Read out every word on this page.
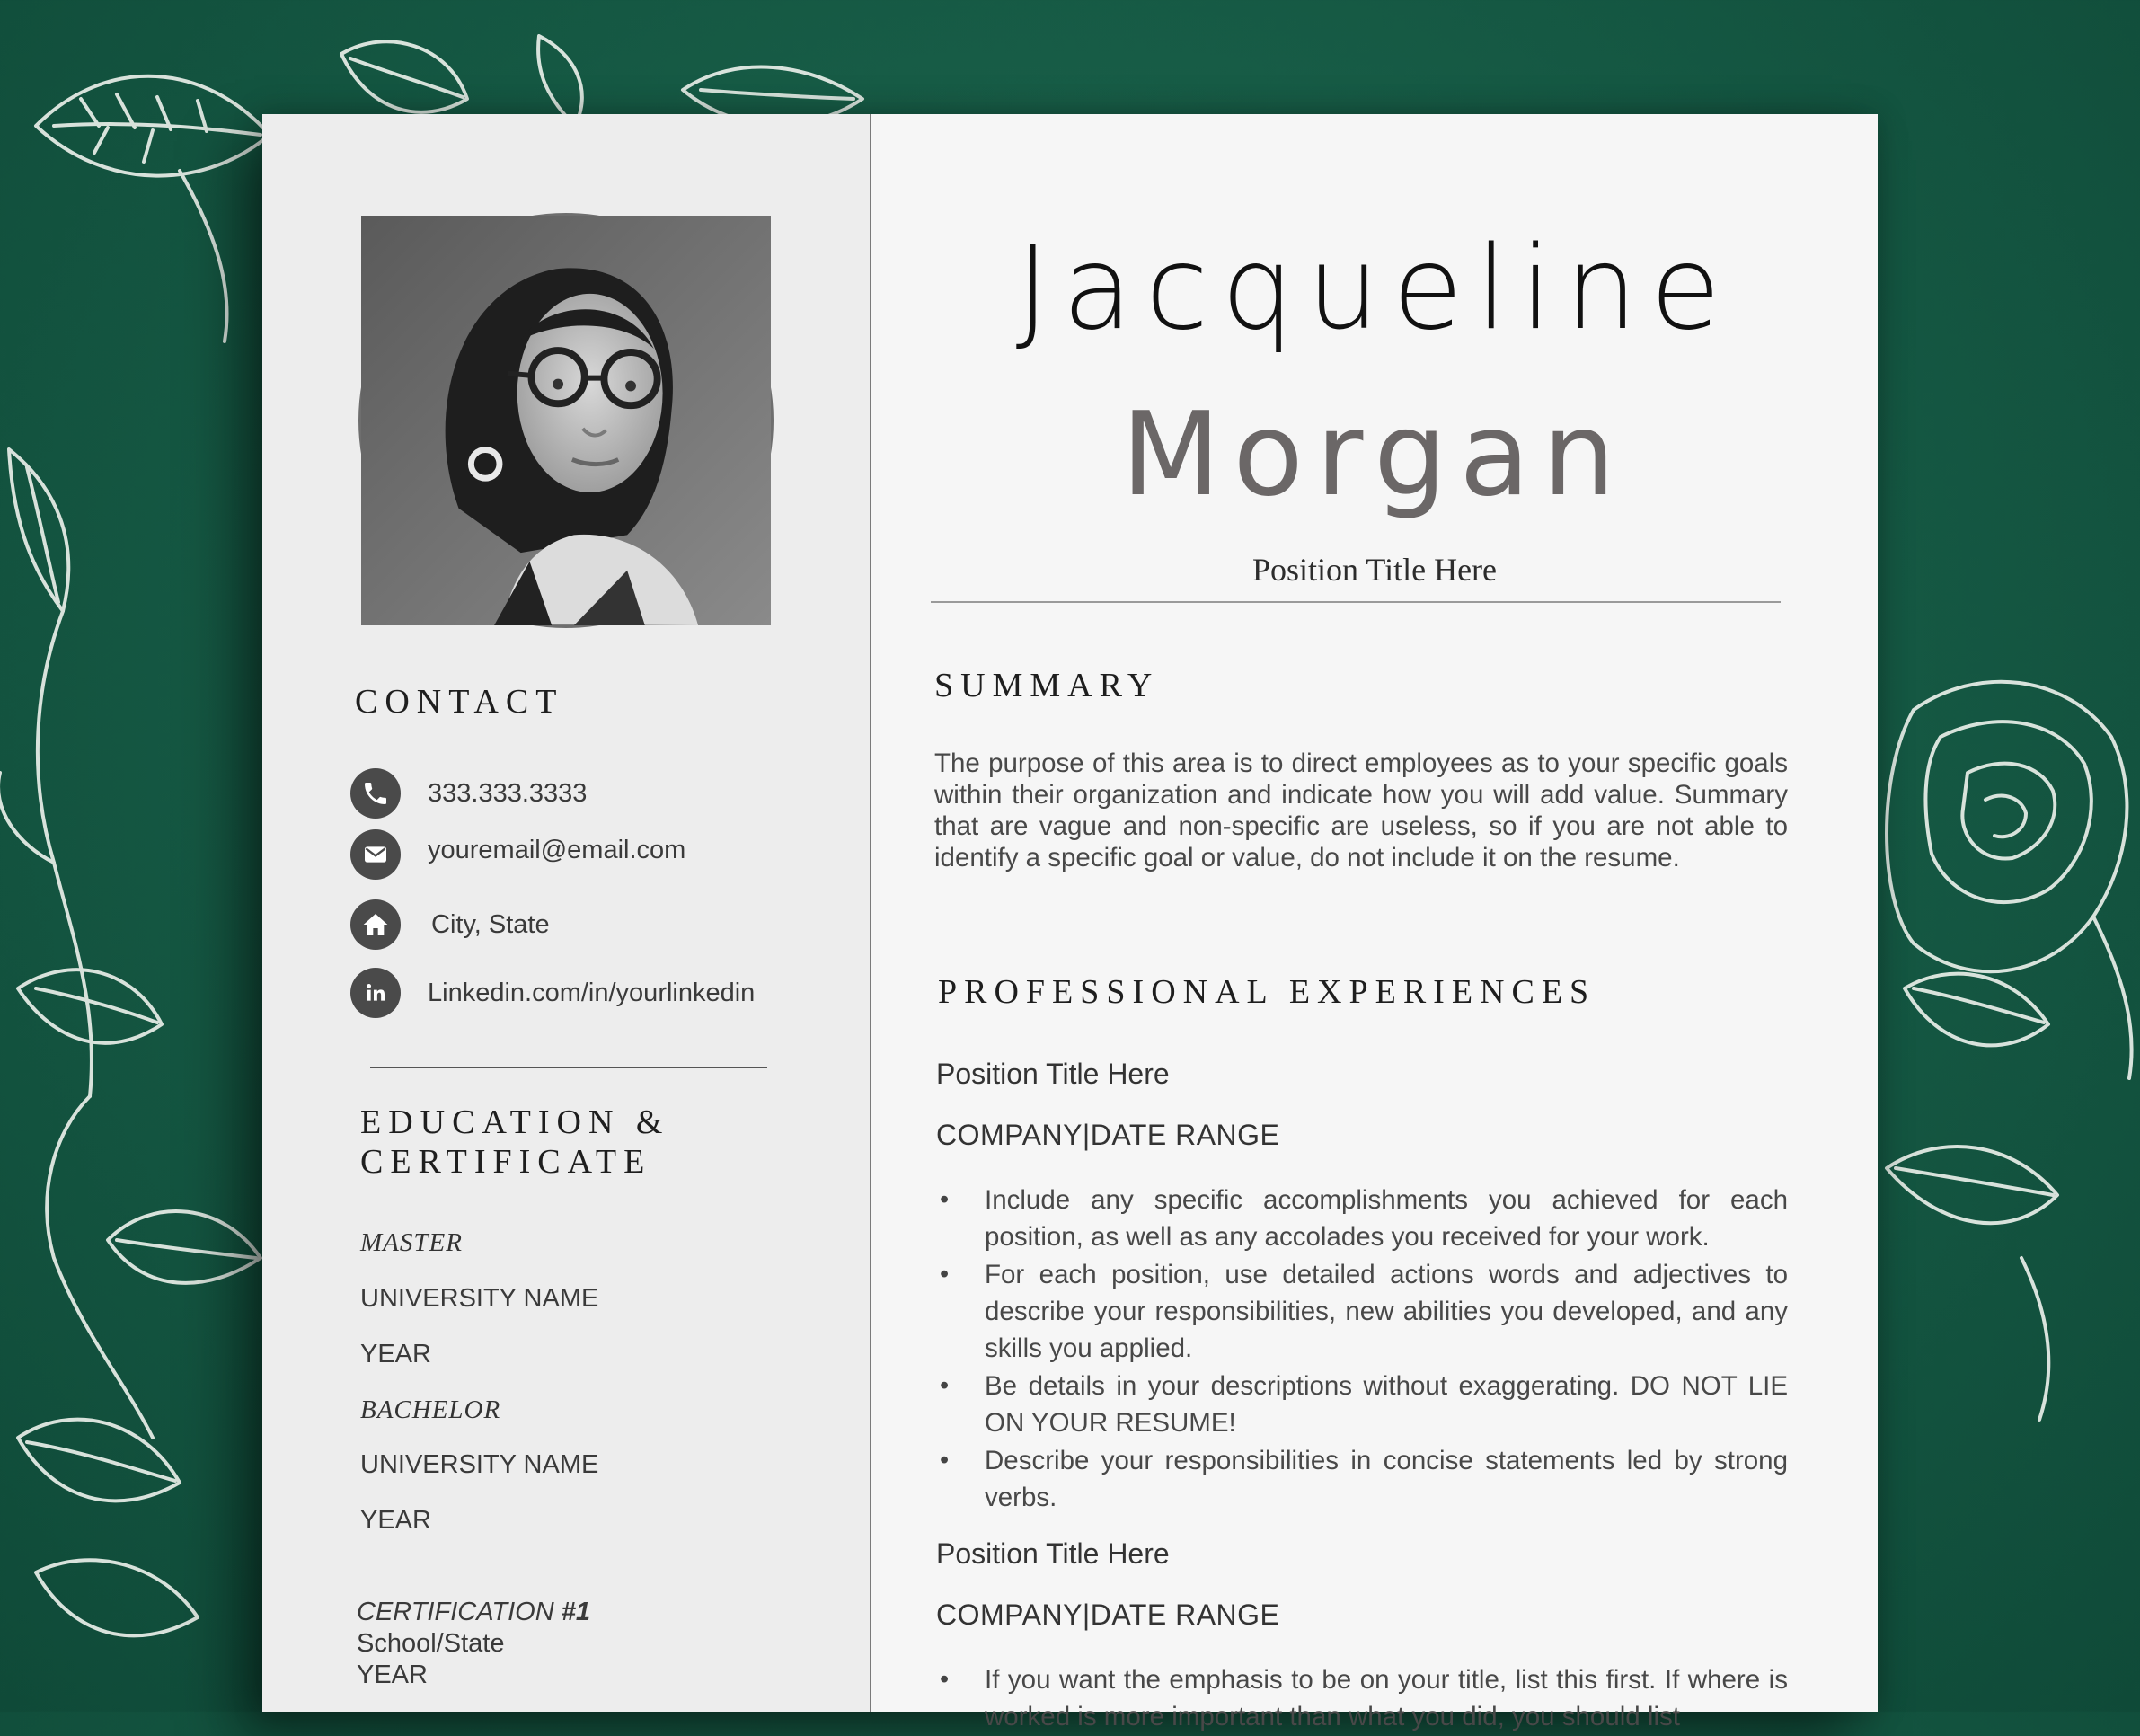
CONTACT
333.333.3333
youremail@email.com
City, State
Linkedin.com/in/yourlinkedin
EDUCATION &
CERTIFICATE
MASTER
UNIVERSITY NAME
YEAR
BACHELOR
UNIVERSITY NAME
YEAR
CERTIFICATION #1
School/State
YEAR
Jacqueline
Morgan
Position Title Here
SUMMARY
The purpose of this area is to direct employees as to your specific goals within their organization and indicate how you will add value. Summary that are vague and non-specific are useless, so if you are not able to identify a specific goal or value, do not include it on the resume.
PROFESSIONAL EXPERIENCES
Position Title Here
COMPANY|DATE RANGE
• Include any specific accomplishments you achieved for each position, as well as any accolades you received for your work.
• For each position, use detailed actions words and adjectives to describe your responsibilities, new abilities you developed, and any skills you applied.
• Be details in your descriptions without exaggerating. DO NOT LIE ON YOUR RESUME!
• Describe your responsibilities in concise statements led by strong verbs.
Position Title Here
COMPANY|DATE RANGE
• If you want the emphasis to be on your title, list this first. If where is worked is more important than what you did, you should list
